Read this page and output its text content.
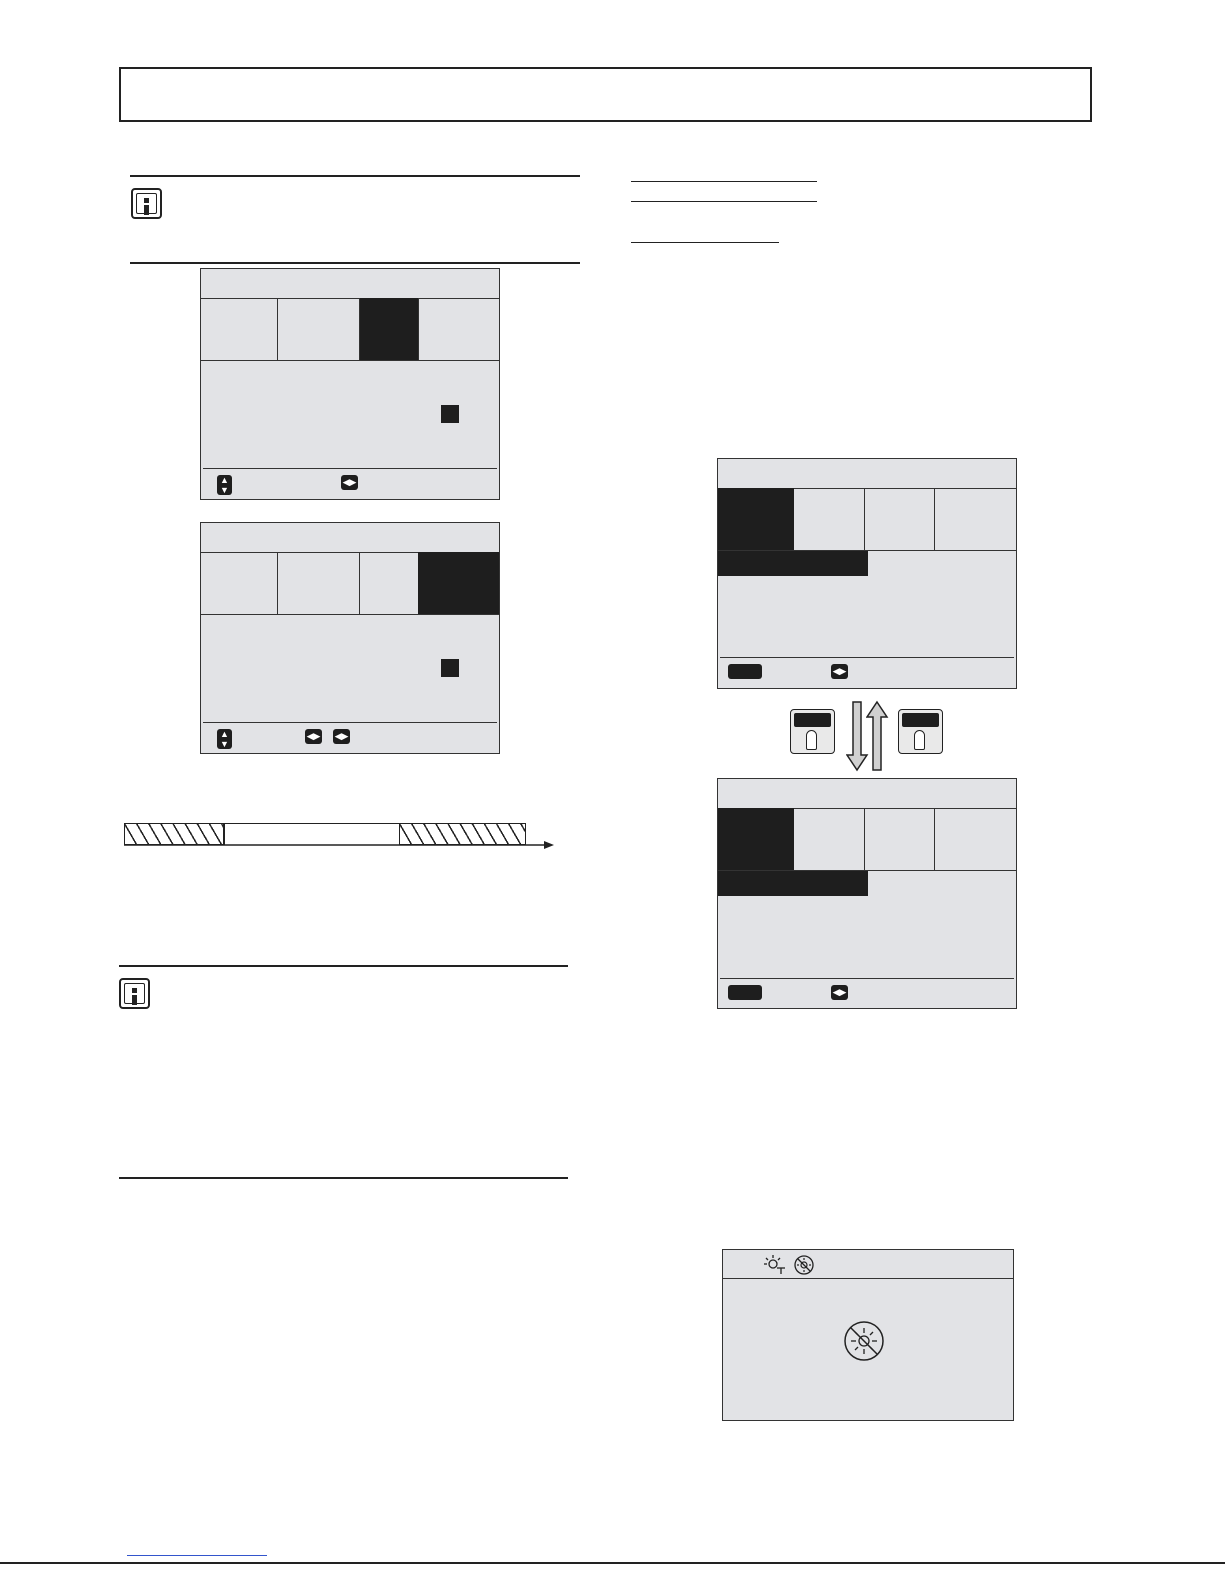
▲
▼
◀▶
▲
▼
◀▶ ◀▶
◀▶
◀▶
